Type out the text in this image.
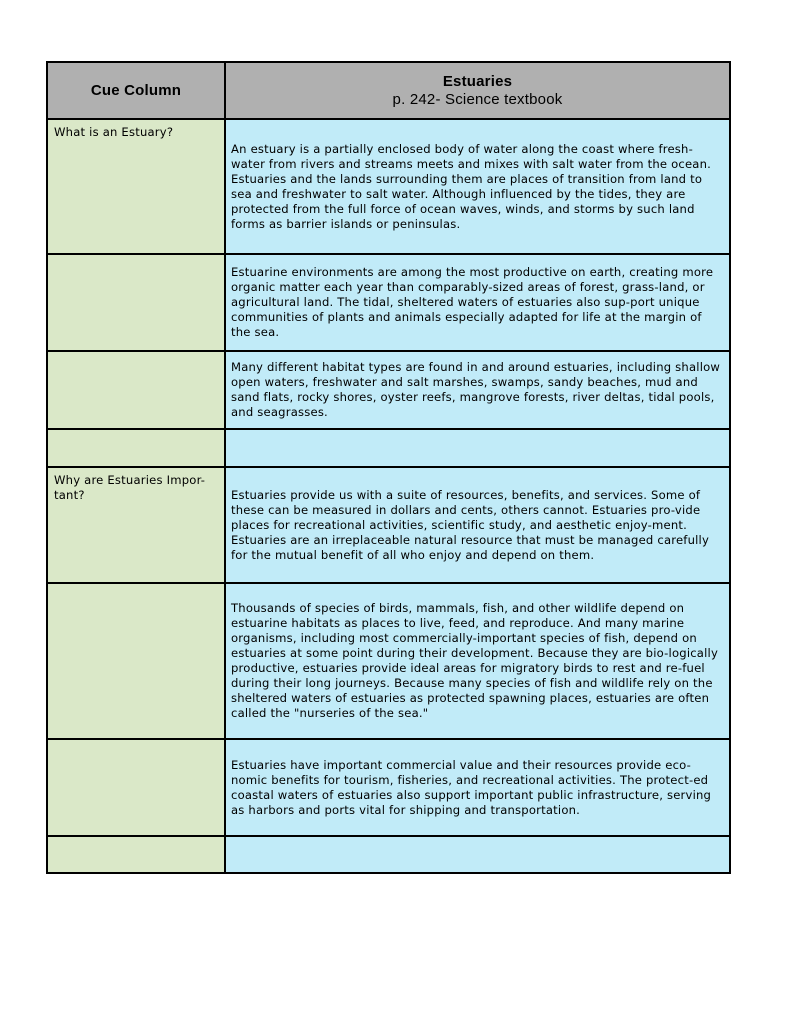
Cue Column
Estuaries
p. 242- Science textbook
What is an Estuary?
An estuary is a partially enclosed body of water along the coast where fresh-water from rivers and streams meets and mixes with salt water from the ocean. Estuaries and the lands surrounding them are places of transition from land to sea and freshwater to salt water. Although influenced by the tides, they are protected from the full force of ocean waves, winds, and storms by such land forms as barrier islands or peninsulas.
Estuarine environments are among the most productive on earth, creating more organic matter each year than comparably-sized areas of forest, grass-land, or agricultural land. The tidal, sheltered waters of estuaries also sup-port unique communities of plants and animals especially adapted for life at the margin of the sea.
Many different habitat types are found in and around estuaries, including shallow open waters, freshwater and salt marshes, swamps, sandy beaches, mud and sand flats, rocky shores, oyster reefs, mangrove forests, river deltas, tidal pools, and seagrasses.
Why are Estuaries Impor-tant?	Estuaries provide us with a suite of resources, benefits, and services. Some of these can be measured in dollars and cents, others cannot. Estuaries pro-vide places for recreational activities, scientific study, and aesthetic enjoy-ment. Estuaries are an irreplaceable natural resource that must be managed carefully for the mutual benefit of all who enjoy and depend on them.
Thousands of species of birds, mammals, fish, and other wildlife depend on estuarine habitats as places to live, feed, and reproduce. And many marine organisms, including most commercially-important species of fish, depend on estuaries at some point during their development. Because they are bio-logically productive, estuaries provide ideal areas for migratory birds to rest and re-fuel during their long journeys. Because many species of fish and wildlife rely on the sheltered waters of estuaries as protected spawning places, estuaries are often called the "nurseries of the sea."
Estuaries have important commercial value and their resources provide eco-nomic benefits for tourism, fisheries, and recreational activities. The protect-ed coastal waters of estuaries also support important public infrastructure, serving as harbors and ports vital for shipping and transportation.
